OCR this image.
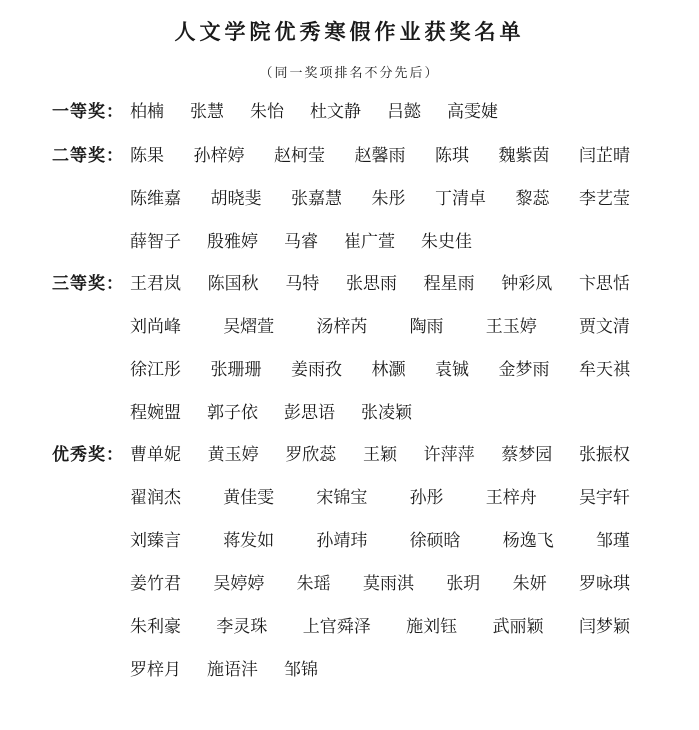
人文学院优秀寒假作业获奖名单

（同一奖项排名不分先后）

一等奖： 柏楠 张慧 朱怡 杜文静 吕懿 高雯婕
二等奖： 陈果 孙梓婷 赵柯莹 赵馨雨 陈琪 魏紫茵 闫芷晴
陈维嘉 胡晓斐 张嘉慧 朱彤 丁清卓 黎蕊 李艺莹
薛智子 殷雅婷 马睿 崔广萱 朱史佳
三等奖： 王君岚 陈国秋 马特 张思雨 程星雨 钟彩凤 卞思恬
刘尚峰 吴熠萱 汤梓芮 陶雨 王玉婷 贾文清
徐江彤 张珊珊 姜雨孜 林灏 袁铖 金梦雨 牟天祺
程婉盟 郭子依 彭思语 张凌颖
优秀奖： 曹单妮 黄玉婷 罗欣蕊 王颖 许萍萍 蔡梦园 张振权
翟润杰 黄佳雯 宋锦宝 孙彤 王梓舟 吴宇轩
刘臻言 蒋发如 孙靖玮 徐硕晗 杨逸飞 邹瑾
姜竹君 吴婷婷 朱瑶 莫雨淇 张玥 朱妍 罗咏琪
朱利豪 李灵珠 上官舜泽 施刘钰 武丽颖 闫梦颖
罗梓月 施语沣 邹锦
